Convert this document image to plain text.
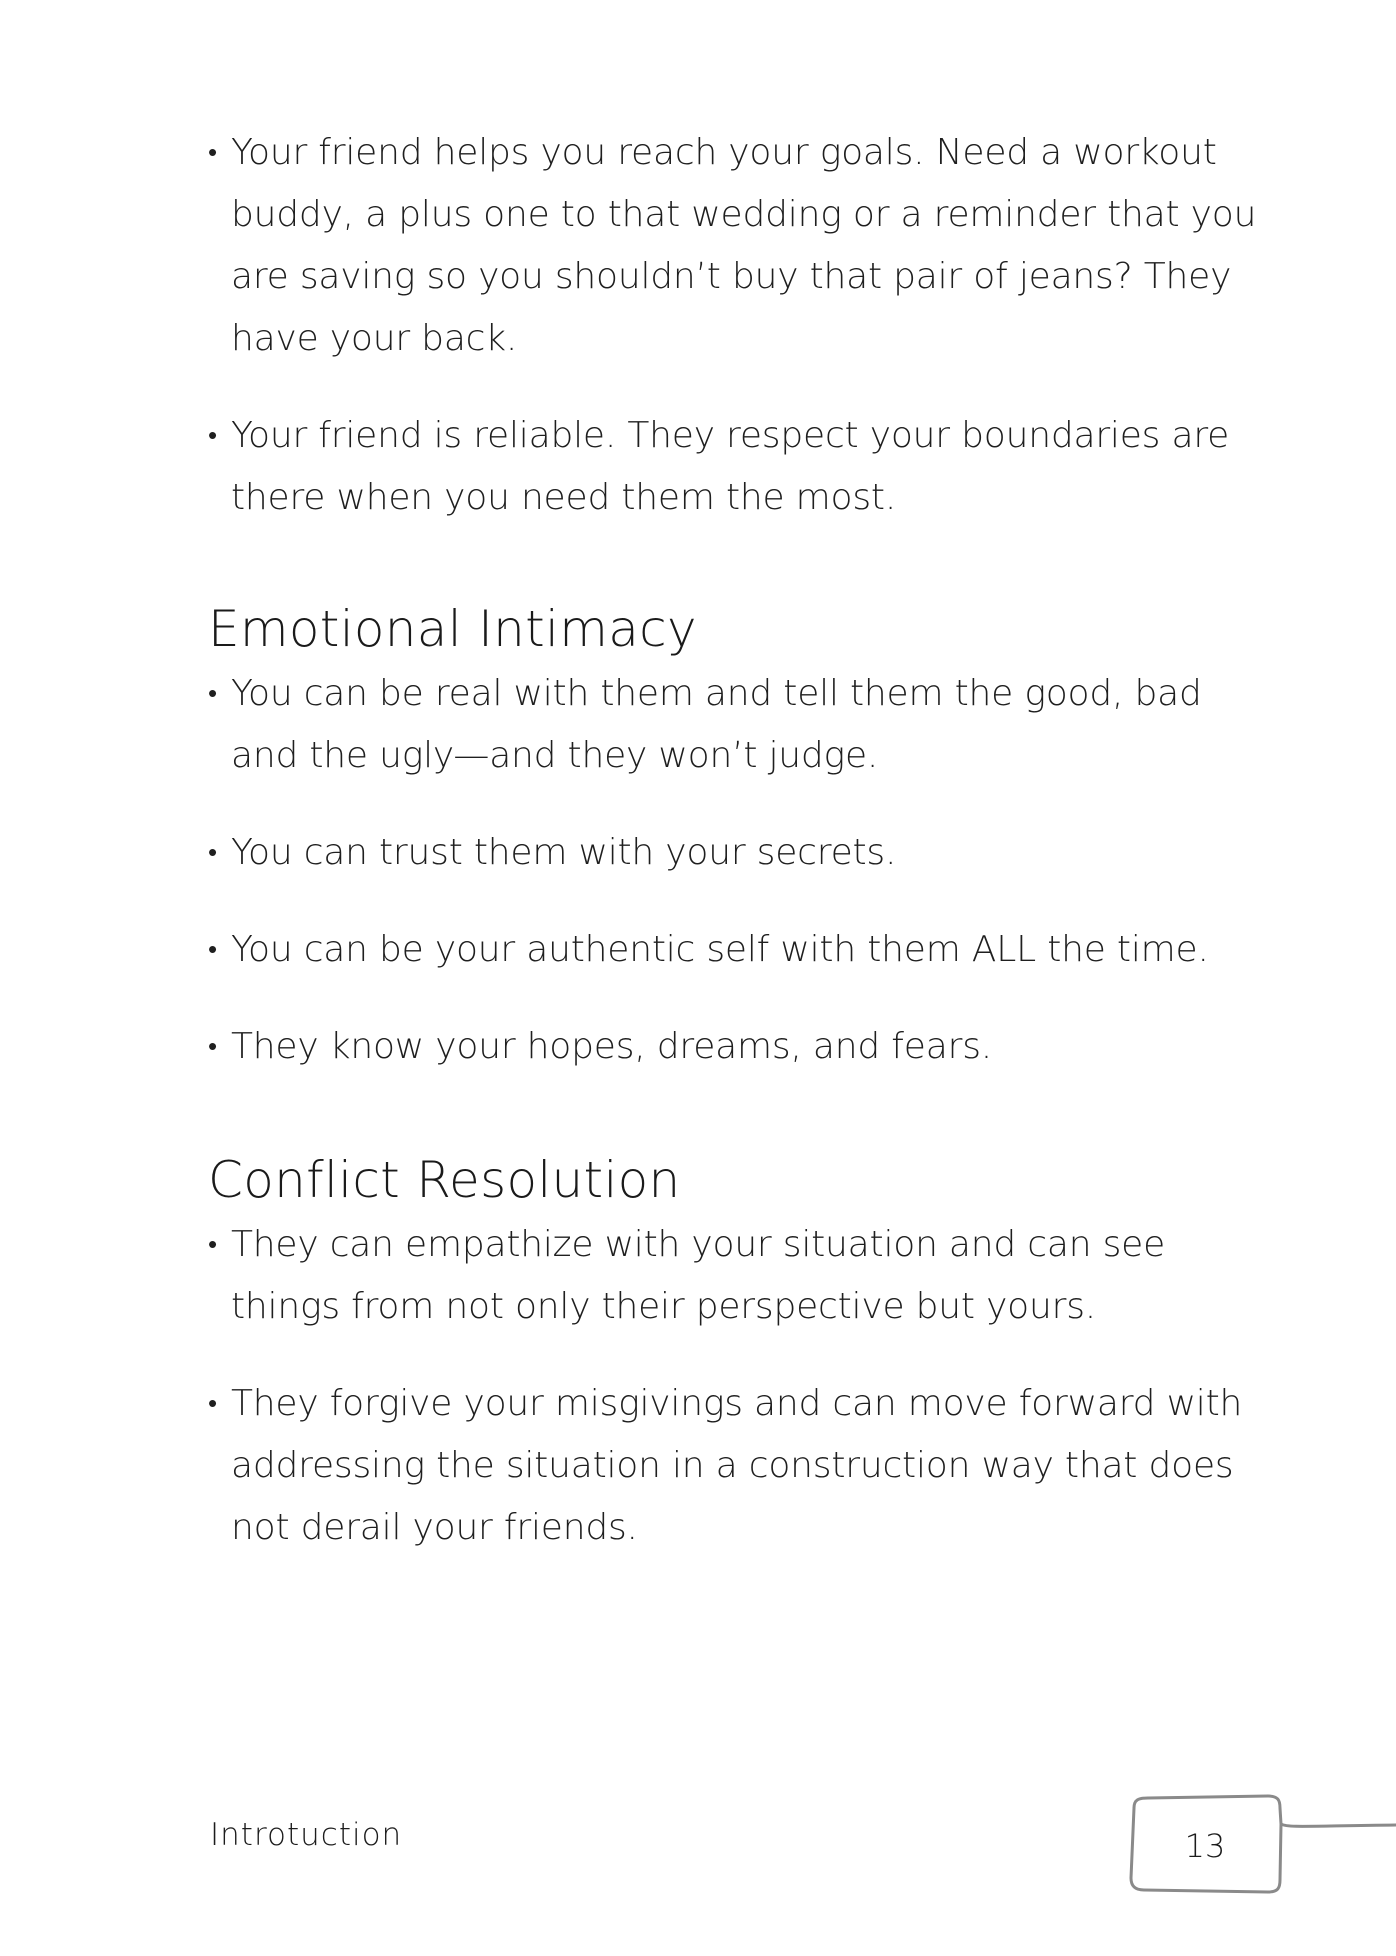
• Your friend helps you reach your goals. Need a workout buddy, a plus one to that wedding or a reminder that you are saving so you shouldn’t buy that pair of jeans? They have your back.
• Your friend is reliable. They respect your boundaries are there when you need them the most.
Emotional Intimacy
• You can be real with them and tell them the good, bad and the ugly—and they won’t judge.
• You can trust them with your secrets.
• You can be your authentic self with them ALL the time.
• They know your hopes, dreams, and fears.
Conflict Resolution
• They can empathize with your situation and can see things from not only their perspective but yours.
• They forgive your misgivings and can move forward with addressing the situation in a construction way that does not derail your friends.
Introtuction	13
